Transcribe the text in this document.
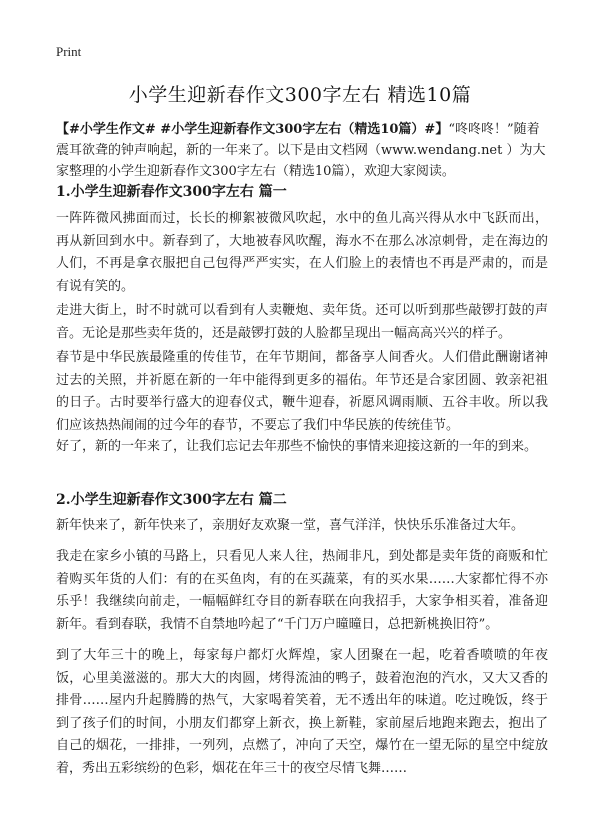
Print
小学生迎新春作文300字左右 精选10篇

【#小学生作文# #小学生迎新春作文300字左右（精选10篇）#】“咚咚咚！”随着震耳欲聋的钟声响起，新的一年来了。以下是由文档网（www.wendang.net ）为大家整理的小学生迎新春作文300字左右（精选10篇），欢迎大家阅读。

1.小学生迎新春作文300字左右 篇一

一阵阵微风拂面而过，长长的柳絮被微风吹起，水中的鱼儿高兴得从水中飞跃而出，再从新回到水中。新春到了，大地被春风吹醒，海水不在那么冰凉刺骨，走在海边的人们，不再是拿衣服把自己包得严严实实，在人们脸上的表情也不再是严肃的，而是有说有笑的。

走进大街上，时不时就可以看到有人卖鞭炮、卖年货。还可以听到那些敲锣打鼓的声音。无论是那些卖年货的，还是敲锣打鼓的人脸都呈现出一幅高高兴兴的样子。

春节是中华民族最隆重的传佳节，在年节期间，都备享人间香火。人们借此酬谢诸神过去的关照，并祈愿在新的一年中能得到更多的福佑。年节还是合家团圆、敦亲祀祖的日子。古时要举行盛大的迎春仪式，鞭牛迎春，祈愿风调雨顺、五谷丰收。所以我们应该热热闹闹的过今年的春节，不要忘了我们中华民族的传统佳节。

好了，新的一年来了，让我们忘记去年那些不愉快的事情来迎接这新的一年的到来。

2.小学生迎新春作文300字左右 篇二

新年快来了，新年快来了，亲朋好友欢聚一堂，喜气洋洋，快快乐乐准备过大年。

我走在家乡小镇的马路上，只看见人来人往，热闹非凡，到处都是卖年货的商贩和忙着购买年货的人们：有的在买鱼肉，有的在买蔬菜，有的买水果……大家都忙得不亦乐乎！我继续向前走，一幅幅鲜红夺目的新春联在向我招手，大家争相买着，准备迎新年。看到春联，我情不自禁地吟起了“千门万户曈曈日，总把新桃换旧符”。

到了大年三十的晚上，每家每户都灯火辉煌，家人团聚在一起，吃着香喷喷的年夜饭，心里美滋滋的。那大大的肉圆，烤得流油的鸭子，鼓着泡泡的汽水，又大又香的排骨……屋内升起腾腾的热气，大家喝着笑着，无不透出年的味道。吃过晚饭，终于到了孩子们的时间，小朋友们都穿上新衣，换上新鞋，家前屋后地跑来跑去，抱出了自己的烟花，一排排，一列列，点燃了，冲向了天空，爆竹在一望无际的星空中绽放着，秀出五彩缤纷的色彩，烟花在年三十的夜空尽情飞舞……
